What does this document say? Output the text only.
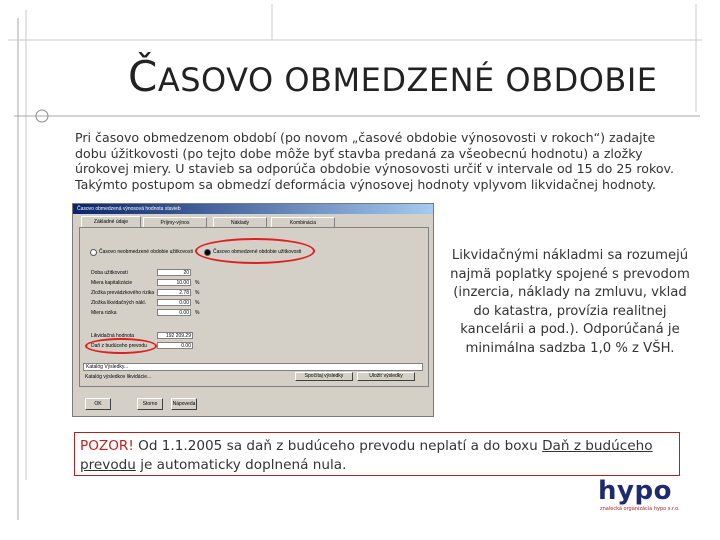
ČASOVO OBMEDZENÉ OBDOBIE
Pri časovo obmedzenom období (po novom „časové obdobie výnosovosti v rokoch“) zadajte dobu úžitkovosti (po tejto dobe môže byť stavba predaná za všeobecnú hodnotu) a zložky úrokovej miery. U stavieb sa odporúča obdobie výnosovosti určiť v intervale od 15 do 25 rokov. Takýmto postupom sa obmedzí deformácia výnosovej hodnoty vplyvom likvidačnej hodnoty.
Časovo obmedzená výnosová hodnota stavieb
Základné údaje	Príjmy-výnos	Náklady	Kombinácia
Časovo neobmedzené obdobie užitkovosti	Časovo obmedzené obdobie užitkovosti
Doba užitkovosti	20
Miera kapitalizácie	10.00	%
Zložka prevádzkového rizika	2.78	%
Zložka likvidačných nákl.	0.00	%
Miera rizika	0.00	%
Likvidačná hodnota	192 209.29
Daň z budúceho prevodu	0.00
Katalóg Výsledky...
Katalóg výsledkov likvidácie...	Spočítaj výsledky	Uložiť výsledky
OK	Storno	Nápoveda
Likvidačnými nákladmi sa rozumejú najmä poplatky spojené s prevodom (inzercia, náklady na zmluvu, vklad do katastra, provízia realitnej kancelárii a pod.). Odporúčaná je minimálna sadzba 1,0 % z VŠH.
POZOR! Od 1.1.2005 sa daň z budúceho prevodu neplatí a do boxu Daň z budúceho prevodu je automaticky doplnená nula.
hypo
znalecká organizácia hypo s.r.o.
